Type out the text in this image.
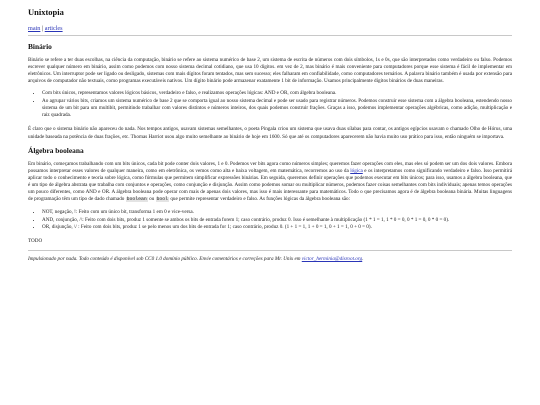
Unixtopia
main | articles
Binário

Binário se refere a ter duas escolhas, na ciência da computação, binário se refere ao sistema numérico de base 2, um sistema de escrita de números com dois símbolos, 1s e 0s, que são interpretados como verdadeiro ou falso. Podemos escrever qualquer número em binário, assim como podemos com nosso sistema decimal cotidiano, que usa 10 dígitos. em vez de 2, mas binário é mais conveniente para computadores porque esse sistema é fácil de implementar em eletrônicos. Um interruptor pode ser ligado ou desligado, sistemas com mais dígitos foram tentados, mas sem sucesso; eles falharam em confiabilidade, como computadores ternários. A palavra binário também é usada por extensão para arquivos de computador não textuais, como programas executáveis nativos. Um dígito binário pode armazenar exatamente 1 bit de informação. Usamos principalmente dígitos binários de duas maneiras.

• Com bits únicos, representamos valores lógicos básicos, verdadeiro e falso, e realizamos operações lógicas: AND e OR, com álgebra booleana.
• Ao agrupar vários bits, criamos um sistema numérico de base 2 que se comporta igual ao nosso sistema decimal e pode ser usado para registrar números. Podemos construir esse sistema com a álgebra booleana, estendendo nosso sistema de um bit para um multibit, permitindo trabalhar com valores distintos e números inteiros, dos quais podemos construir frações. Graças a isso, podemos implementar operações algébricas, como adição, multiplicação e raiz quadrada.

É claro que o sistema binário não apareceu do nada. Nos tempos antigos, usavam sistemas semelhantes, o poeta Pingala criou um sistema que usava duas sílabas para contar, os antigos egípcios usavam o chamado Olho de Hórus, uma unidade baseada na potência de duas frações, etc. Thomas Harriot usou algo muito semelhante ao binário de hoje em 1600. Só que até os computadores aparecerem não havia muito uso prático para isso, então ninguém se importava.

Álgebra booleana

Em binário, começamos trabalhando com um bits únicos, cada bit pode conter dois valores, 1 e 0. Podemos ver bits agora como números simples; queremos fazer operações com eles, mas eles só podem ser um dos dois valores. Embora possamos interpretar esses valores de qualquer maneira, como em eletrônica, os vemos como alta e baixa voltagem, em matemática, recorremos ao uso da lógica e os interpretamos como significando verdadeiro e falso. Isso permitirá aplicar todo o conhecimento e teoria sobre lógica, como fórmulas que permitem simplificar expressões binárias. Em seguida, queremos definir operações que podemos executar em bits únicos; para isso, usamos a álgebra booleana, que é um tipo de álgebra abstrata que trabalha com conjuntos e operações, como conjunção e disjunção. Assim como podemos somar ou multiplicar números, podemos fazer coisas semelhantes com bits individuais; apenas temos operações um pouco diferentes, como AND e OR. A álgebra booleana pode operar com mais de apenas dois valores, mas isso é mais interessante para matemáticos. Todo o que precisamos agora é de álgebra booleana binária. Muitas linguagens de programação têm um tipo de dado chamado boolean ou bool que permite representar verdadeiro e falso. As funções lógicas da álgebra booleana são:

• NOT, negação, !: Feito com um único bit, transforma 1 em 0 e vice-versa.
• AND, conjunção, /\: Feito com dois bits, produz 1 somente se ambos os bits de entrada forem 1; caso contrário, produz 0. Isso é semelhante à multiplicação (1 * 1 = 1, 1 * 0 = 0, 0 * 1 = 0, 0 * 0 = 0).
• OR, disjunção, \/ : Feito com dois bits, produz 1 se pelo menos um dos bits de entrada for 1; caso contrário, produz 0. (1 + 1 = 1, 1 + 0 = 1, 0 + 1 = 1, 0 + 0 = 0).
TODO
Impulsionado por nada. Todo conteúdo é disponível sob CC0 1.0 domínio público. Envie comentários e correções para Mr. Unix em victor_herminia@disroot.org.
